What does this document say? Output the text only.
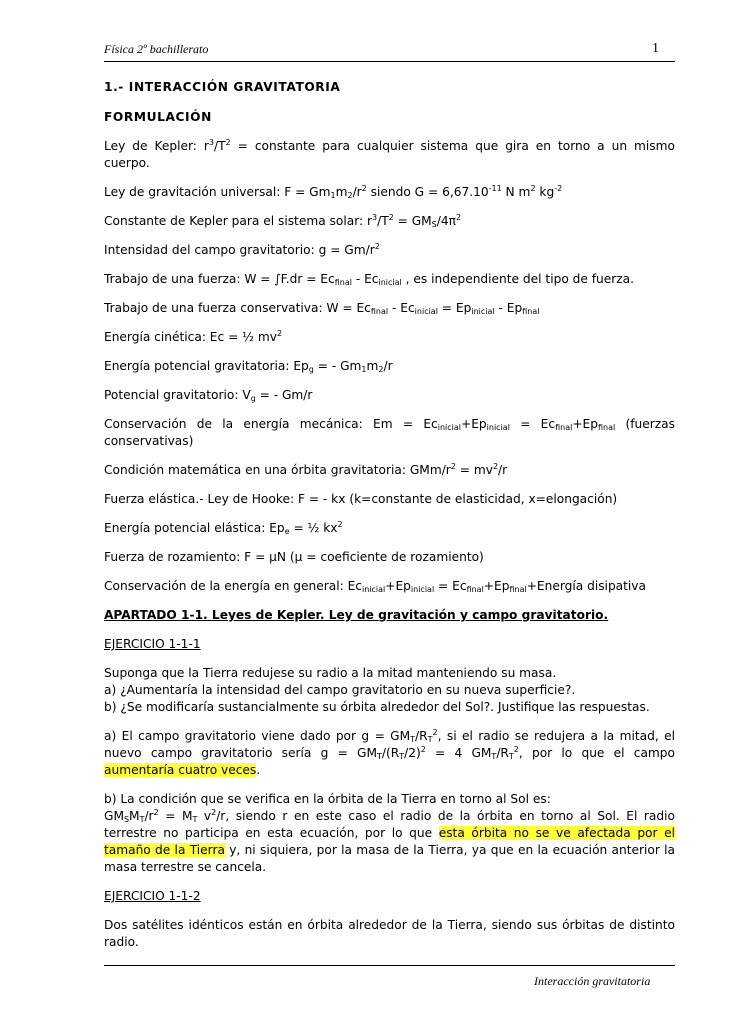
Física 2º bachillerato	1

1.- INTERACCIÓN GRAVITATORIA

FORMULACIÓN

Ley de Kepler: $r^3/T^2$ = constante para cualquier sistema que gira en torno a un mismo

cuerpo.

Ley de gravitación universal: $F = Gm_1m_2/r^2$ siendo $G = 6,67.10^{-11}$ N $m^2$ $kg^{-2}$

Constante de Kepler para el sistema solar: $r^3/T^2 = GM_S/4\pi^2$

Intensidad del campo gravitatorio: $g = Gm/r^2$

Trabajo de una fuerza: $W = \int F.dr = Ec_{final} - Ec_{inicial}$ , es independiente del tipo de fuerza.

Trabajo de una fuerza conservativa: $W = Ec_{final} - Ec_{inicial} = Ep_{inicial} - Ep_{final}$

Energía cinética: Ec = ½ $mv^2$

Energía potencial gravitatoria: $Ep_g$ = - $Gm_1m_2/r$

Potencial gravitatorio: $V_g$ = - Gm/r

Conservación de la energía mecánica: $Em = Ec_{inicial}+Ep_{inicial} = Ec_{final}+Ep_{final}$ (fuerzas

conservativas)

Condición matemática en una órbita gravitatoria: GMm/$r^2 = mv^2/r$

Fuerza elástica.- Ley de Hooke: F = - kx (k=constante de elasticidad, x=elongación)

Energía potencial elástica: $Ep_e$ = ½ $kx^2$

Fuerza de rozamiento: F = μN (μ = coeficiente de rozamiento)

Conservación de la energía en general: $Ec_{inicial}+Ep_{inicial}$ = $Ec_{final}+Ep_{final}+Energía$ disipativa

APARTADO 1-1. Leyes de Kepler. Ley de gravitación y campo gravitatorio.

EJERCICIO 1-1-1

Suponga que la Tierra redujese su radio a la mitad manteniendo su masa.

a) ¿Aumentaría la intensidad del campo gravitatorio en su nueva superficie?.

b) ¿Se modificaría sustancialmente su órbita alrededor del Sol?. Justifique las respuestas.

a) El campo gravitatorio viene dado por $g = GM_T/R_T^2$, si el radio se redujera a la mitad, el

nuevo campo gravitatorio sería $g = GM_T/(R_T/2)^2 = 4$ $GM_T/R_T^2$, por lo que el campo

aumentaría cuatro veces.

b) La condición que se verifica en la órbita de la Tierra en torno al Sol es:

$GM_SM_T/r^2 = M_T$ $v^2/r$, siendo r en este caso el radio de la órbita en torno al Sol. El radio

terrestre no participa en esta ecuación, por lo que esta órbita no se ve afectada por el

tamaño de la Tierra y, ni siquiera, por la masa de la Tierra, ya que en la ecuación anterior la

masa terrestre se cancela.

EJERCICIO 1-1-2

Dos satélites idénticos están en órbita alrededor de la Tierra, siendo sus órbitas de distinto

radio.

Interacción gravitatoria
